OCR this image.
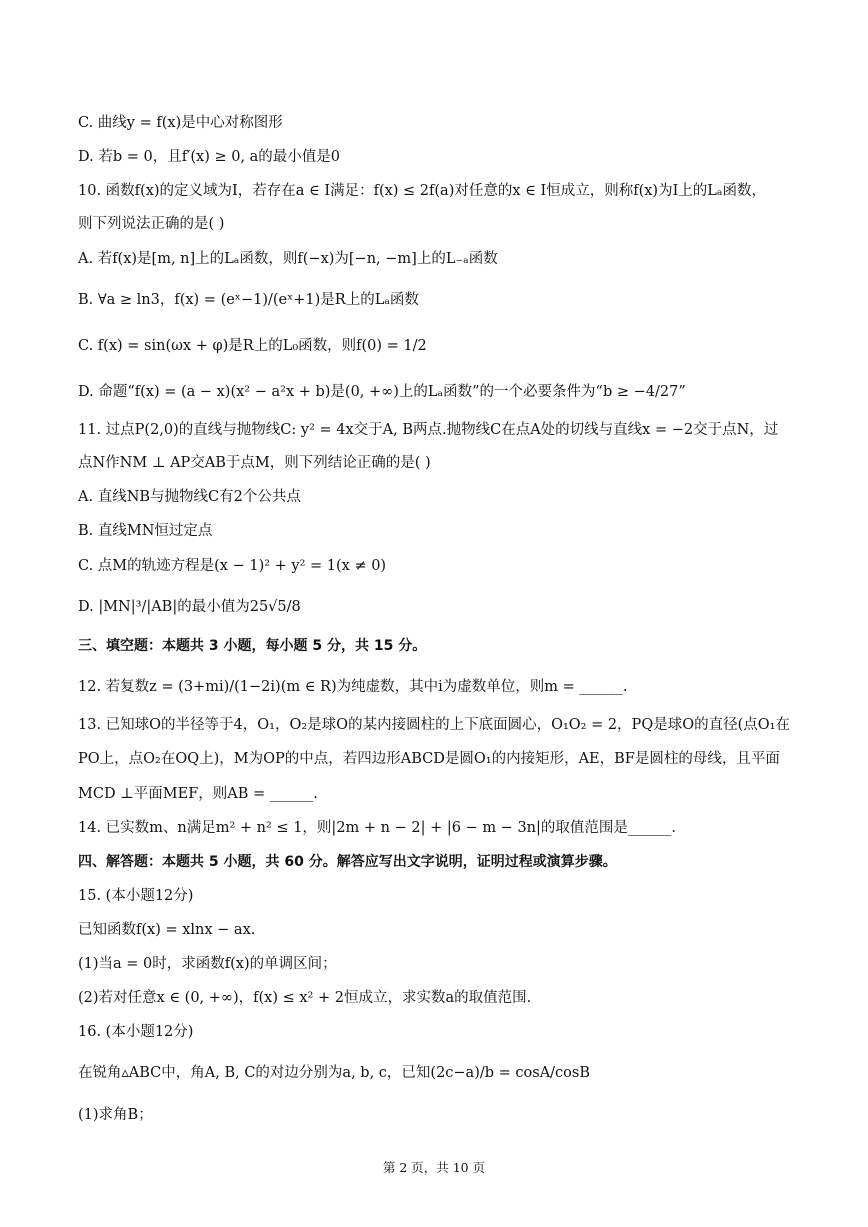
C. 曲线y = f(x)是中心对称图形
D. 若b = 0，且f′(x) ≥ 0, a的最小值是0
10. 函数f(x)的定义域为I，若存在a ∈ I满足：f(x) ≤ 2f(a)对任意的x ∈ I恒成立，则称f(x)为I上的Lₐ函数，
则下列说法正确的是( )
A. 若f(x)是[m, n]上的Lₐ函数，则f(−x)为[−n, −m]上的L₋ₐ函数
B. ∀a ≥ ln3，f(x) = (eˣ−1)/(eˣ+1)是R上的Lₐ函数
C. f(x) = sin(ωx + φ)是R上的L₀函数，则f(0) = 1/2
D. 命题“f(x) = (a − x)(x² − a²x + b)是(0, +∞)上的Lₐ函数”的一个必要条件为“b ≥ −4/27”
11. 过点P(2,0)的直线与抛物线C: y² = 4x交于A, B两点.抛物线C在点A处的切线与直线x = −2交于点N，过
点N作NM ⊥ AP交AB于点M，则下列结论正确的是( )
A. 直线NB与抛物线C有2个公共点
B. 直线MN恒过定点
C. 点M的轨迹方程是(x − 1)² + y² = 1(x ≠ 0)
D. |MN|³/|AB|的最小值为25√5/8
三、填空题：本题共 3 小题，每小题 5 分，共 15 分。
12. 若复数z = (3+mi)/(1−2i)(m ∈ R)为纯虚数，其中i为虚数单位，则m = ______.
13. 已知球O的半径等于4，O₁，O₂是球O的某内接圆柱的上下底面圆心，O₁O₂ = 2，PQ是球O的直径(点O₁在
PO上，点O₂在OQ上)，M为OP的中点，若四边形ABCD是圆O₁的内接矩形，AE，BF是圆柱的母线，且平面
MCD ⊥平面MEF，则AB = ______.
14. 已实数m、n满足m² + n² ≤ 1，则|2m + n − 2| + |6 − m − 3n|的取值范围是______.
四、解答题：本题共 5 小题，共 60 分。解答应写出文字说明，证明过程或演算步骤。
15. (本小题12分)
已知函数f(x) = xlnx − ax.
(1)当a = 0时，求函数f(x)的单调区间；
(2)若对任意x ∈ (0, +∞)，f(x) ≤ x² + 2恒成立，求实数a的取值范围.
16. (本小题12分)
在锐角▵ABC中，角A, B, C的对边分别为a, b, c，已知(2c−a)/b = cosA/cosB
(1)求角B；
第 2 页，共 10 页
